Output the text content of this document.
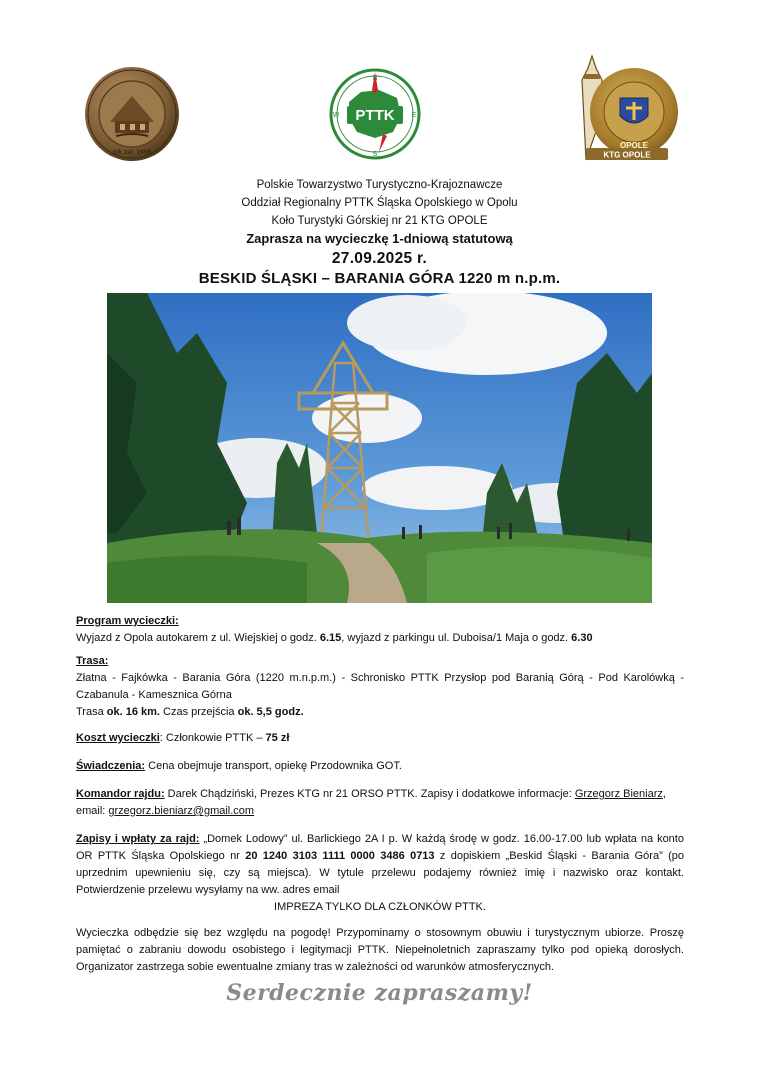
rok zał. 1998
PTTK
N
E
S
W
KTG OPOLE
OPOLE
Polskie Towarzystwo Turystyczno-Krajoznawcze
Oddział Regionalny PTTK Śląska Opolskiego w Opolu
Koło Turystyki Górskiej nr 21 KTG OPOLE
Zaprasza na wycieczkę 1-dniową statutową
27.09.2025 r.
BESKID ŚLĄSKI – BARANIA GÓRA 1220 m n.p.m.

Program wycieczki:

Wyjazd z Opola autokarem z ul. Wiejskiej o godz. 6.15, wyjazd z parkingu ul. Duboisa/1 Maja o godz. 6.30

Trasa:

Złatna - Fajkówka - Barania Góra (1220 m.n.p.m.) - Schronisko PTTK Przysłop pod Baranią Górą - Pod Karolówką - Czabanula - Kamesznica Górna

Trasa ok. 16 km. Czas przejścia ok. 5,5 godz.

Koszt wycieczki: Członkowie PTTK – 75 zł

Świadczenia: Cena obejmuje transport, opiekę Przodownika GOT.

Komandor rajdu: Darek Chądziński, Prezes KTG nr 21 ORSO PTTK. Zapisy i dodatkowe informacje: Grzegorz Bieniarz,
email: grzegorz.bieniarz@gmail.com

Zapisy i wpłaty za rajd: „Domek Lodowy” ul. Barlickiego 2A I p. W każdą środę w godz. 16.00-17.00 lub wpłata na konto OR PTTK Śląska Opolskiego nr 20 1240 3103 1111 0000 3486 0713 z dopiskiem „Beskid Śląski - Barania Góra” (po uprzednim upewnieniu się, czy są miejsca). W tytule przelewu podajemy również imię i nazwisko oraz kontakt. Potwierdzenie przelewu wysyłamy na ww. adres email

IMPREZA TYLKO DLA CZŁONKÓW PTTK.

Wycieczka odbędzie się bez względu na pogodę! Przypominamy o stosownym obuwiu i turystycznym ubiorze. Proszę pamiętać o zabraniu dowodu osobistego i legitymacji PTTK. Niepełnoletnich zapraszamy tylko pod opieką dorosłych. Organizator zastrzega sobie ewentualne zmiany tras w zależności od warunków atmosferycznych.

Serdecznie zapraszamy!
